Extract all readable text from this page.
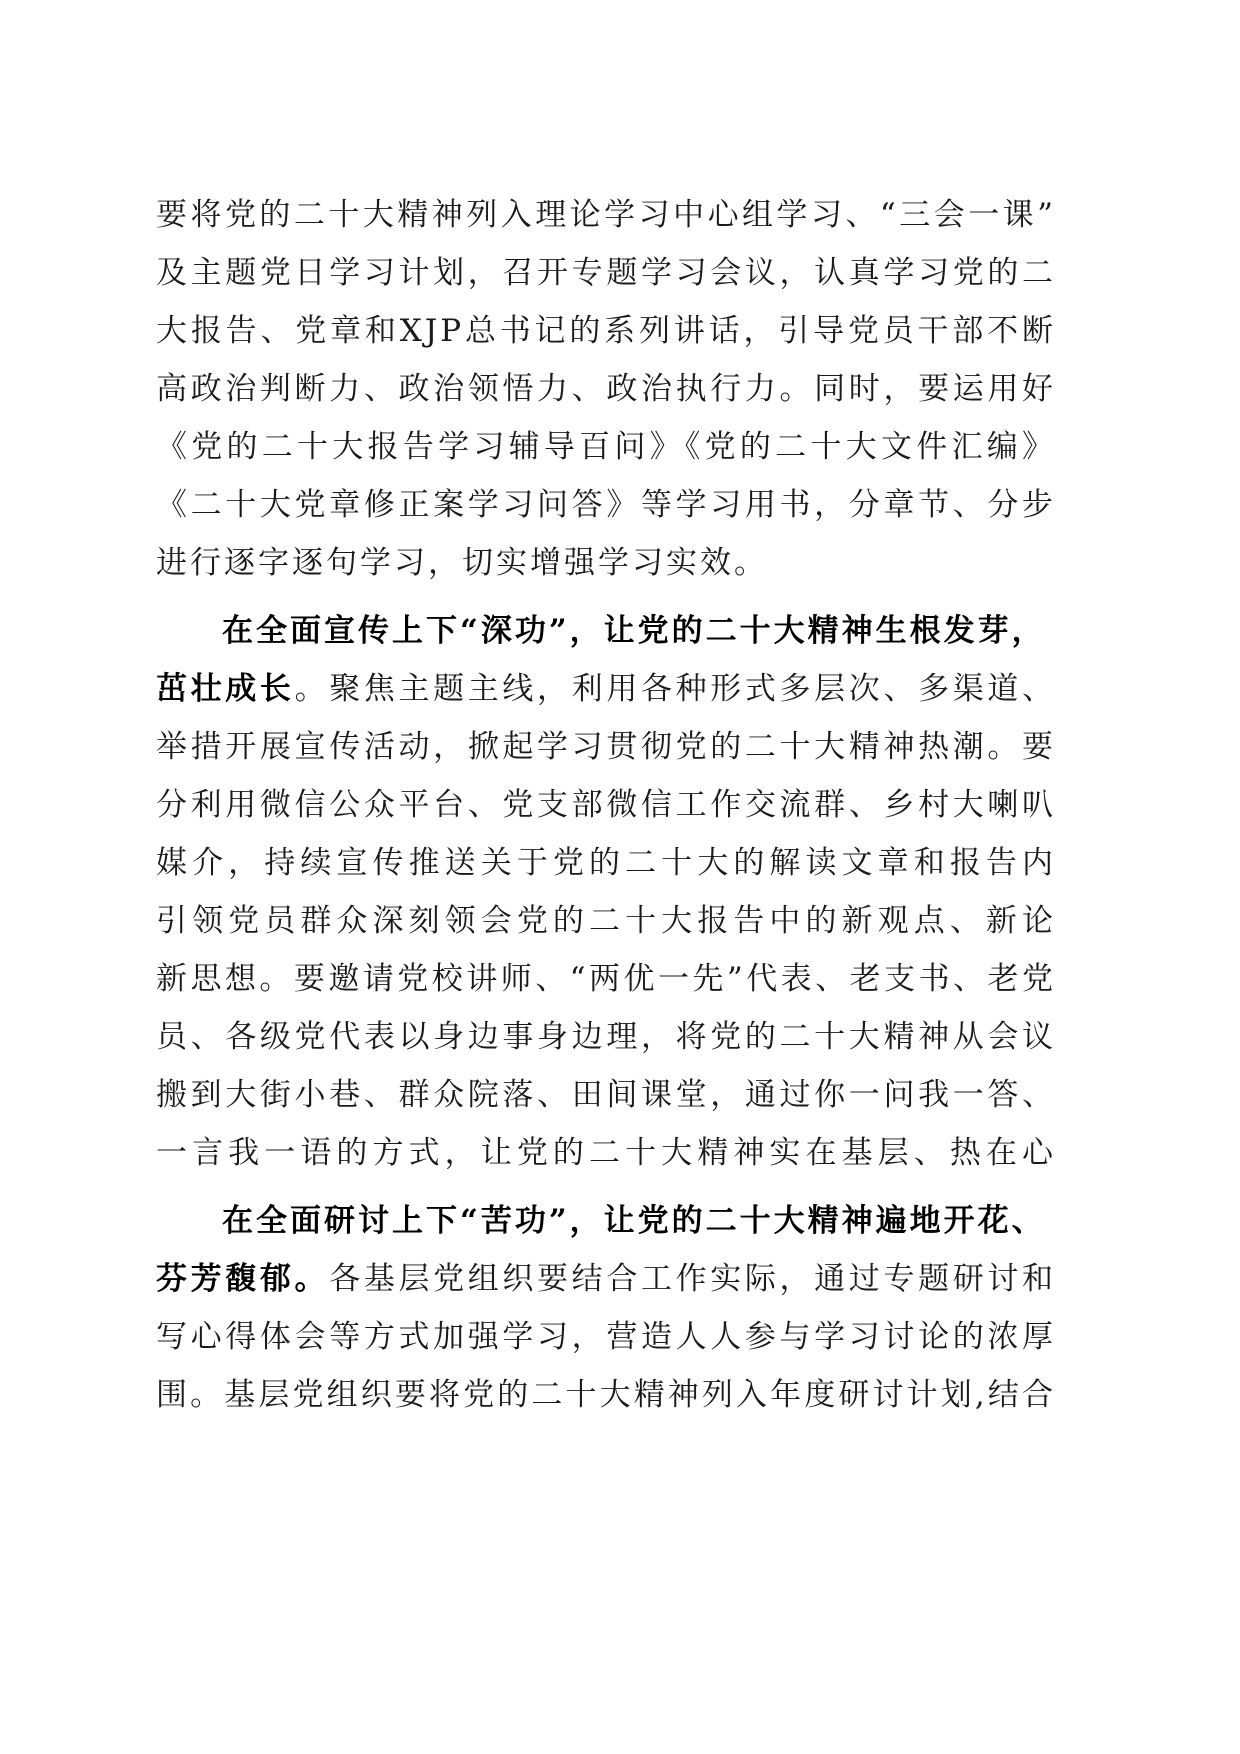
要将党的二十大精神列入理论学习中心组学习、“三会一课”
及主题党日学习计划，召开专题学习会议，认真学习党的二
大报告、党章和XJP总书记的系列讲话，引导党员干部不断
高政治判断力、政治领悟力、政治执行力。同时，要运用好
《党的二十大报告学习辅导百问》《党的二十大文件汇编》
《二十大党章修正案学习问答》等学习用书，分章节、分步
进行逐字逐句学习，切实增强学习实效。
在全面宣传上下“深功”，让党的二十大精神生根发芽，
茁壮成长。聚焦主题主线，利用各种形式多层次、多渠道、
举措开展宣传活动，掀起学习贯彻党的二十大精神热潮。要
分利用微信公众平台、党支部微信工作交流群、乡村大喇叭
媒介，持续宣传推送关于党的二十大的解读文章和报告内
引领党员群众深刻领会党的二十大报告中的新观点、新论
新思想。要邀请党校讲师、“两优一先”代表、老支书、老党
员、各级党代表以身边事身边理，将党的二十大精神从会议
搬到大街小巷、群众院落、田间课堂，通过你一问我一答、
一言我一语的方式，让党的二十大精神实在基层、热在心
在全面研讨上下“苦功”，让党的二十大精神遍地开花、
芬芳馥郁。各基层党组织要结合工作实际，通过专题研讨和
写心得体会等方式加强学习，营造人人参与学习讨论的浓厚
围。基层党组织要将党的二十大精神列入年度研讨计划,结合
